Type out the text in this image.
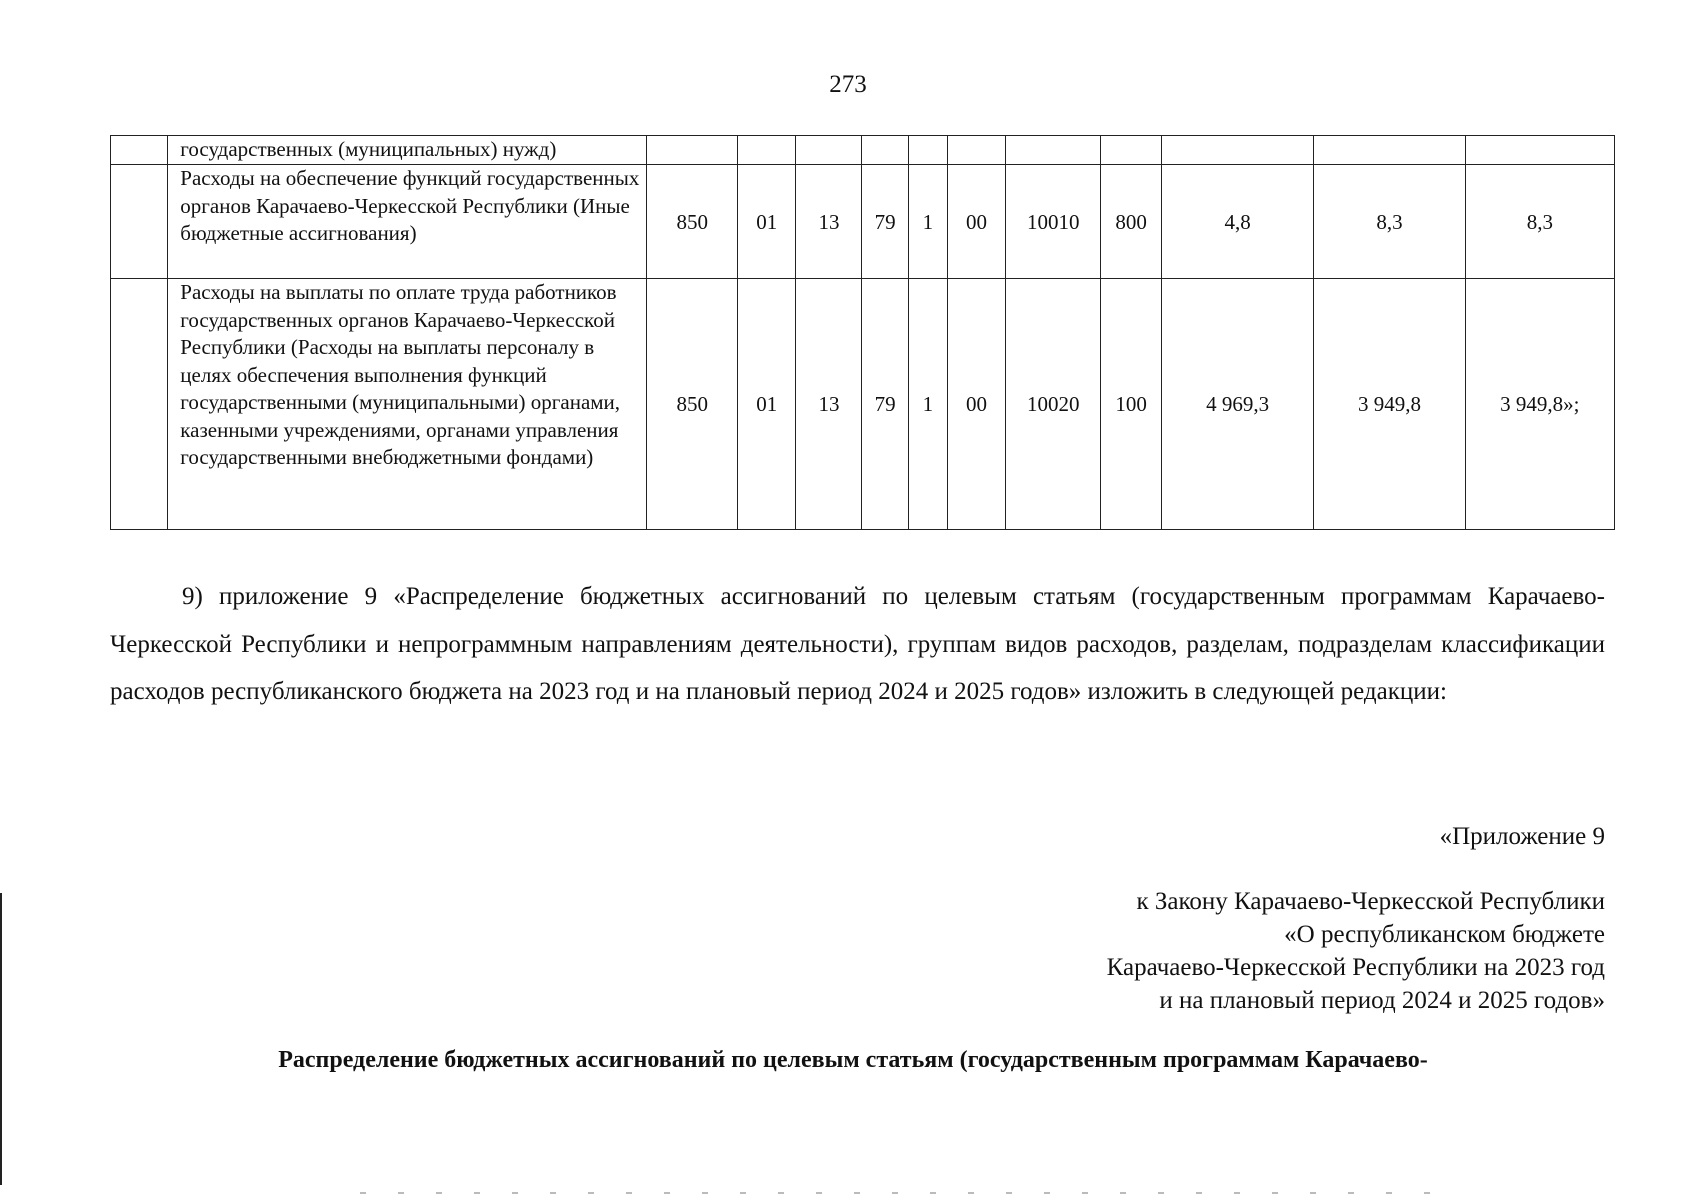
273
	государственных (муниципальных) нужд)											
	Расходы на обеспечение функций государственных органов Карачаево-Черкесской Республики (Иные бюджетные ассигнования)	850	01	13	79	1	00	10010	800	4,8	8,3	8,3
	Расходы на выплаты по оплате труда работников государственных органов Карачаево-Черкесской Республики (Расходы на выплаты персоналу в целях обеспечения выполнения функций государственными (муниципальными) органами, казенными учреждениями, органами управления государственными внебюджетными фондами)	850	01	13	79	1	00	10020	100	4 969,3	3 949,8	3 949,8»;

9) приложение 9 «Распределение бюджетных ассигнований по целевым статьям (государственным программам Карачаево-Черкесской Республики и непрограммным направлениям деятельности), группам видов расходов, разделам, подразделам классификации расходов республиканского бюджета на 2023 год и на плановый период 2024 и 2025 годов» изложить в следующей редакции:

«Приложение 9
к Закону Карачаево-Черкесской Республики
«О республиканском бюджете
Карачаево-Черкесской Республики на 2023 год
и на плановый период 2024 и 2025 годов»
Распределение бюджетных ассигнований по целевым статьям (государственным программам Карачаево-
